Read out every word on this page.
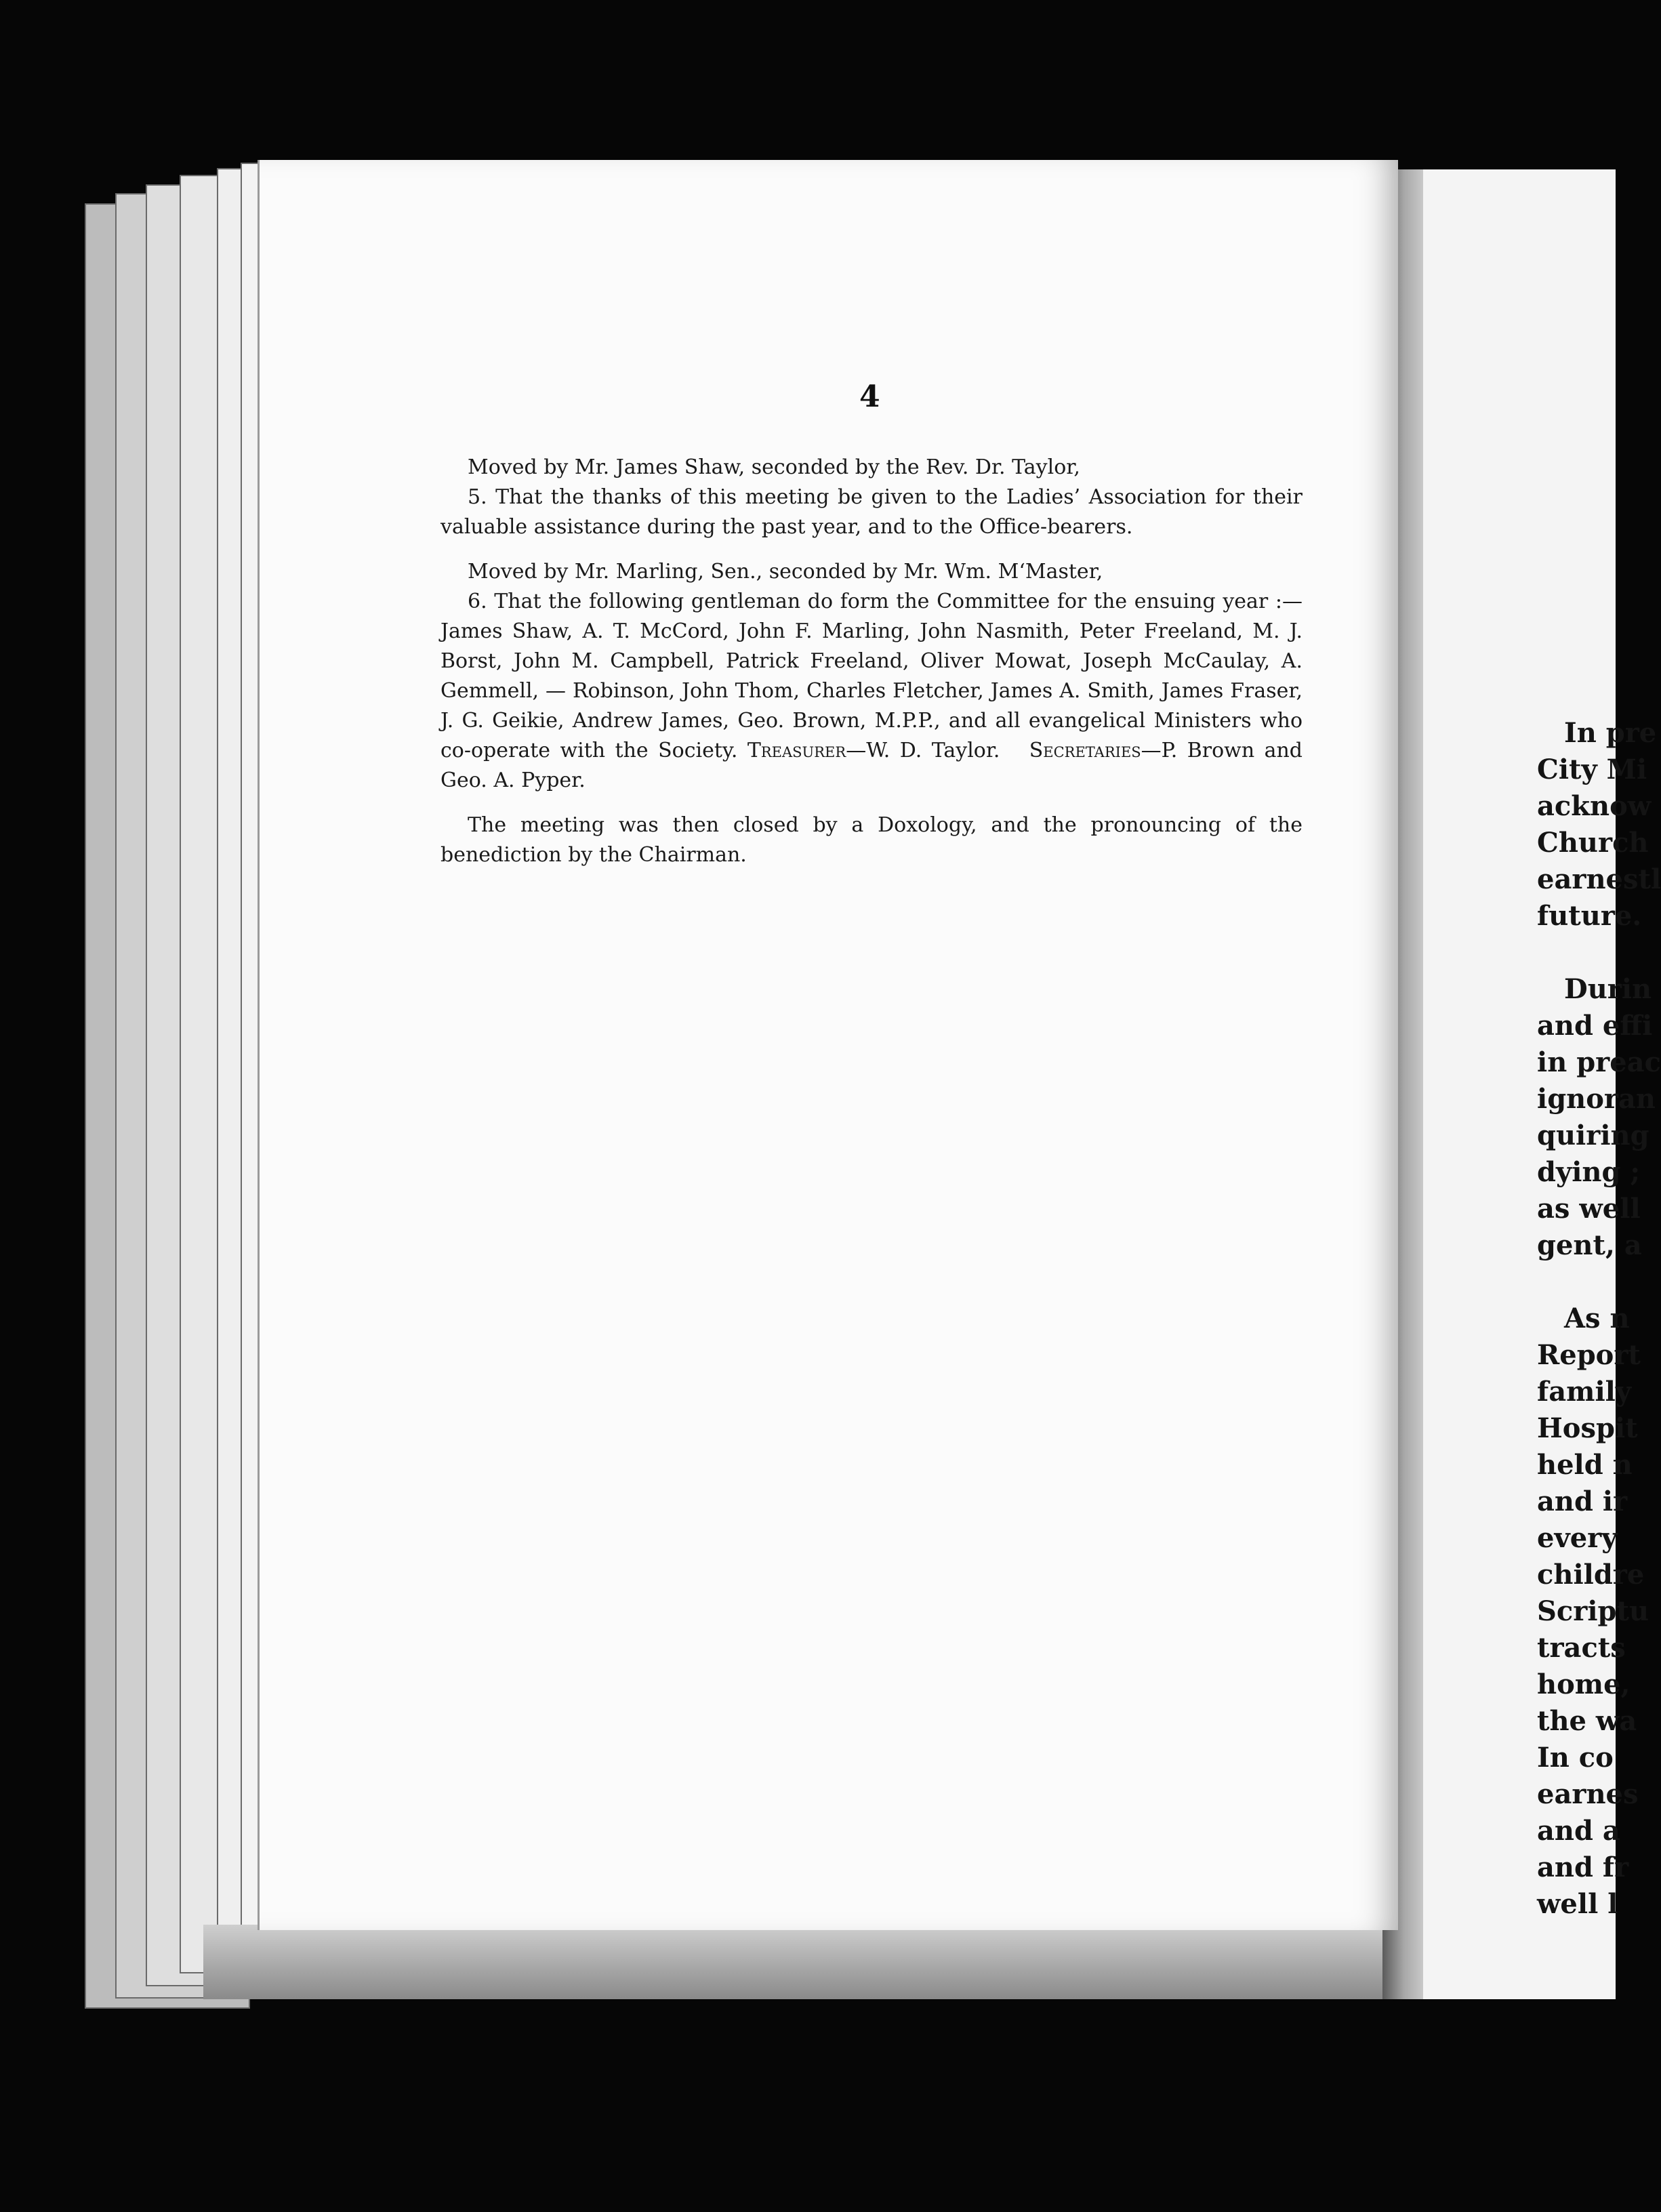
4

Moved by Mr. James Shaw, seconded by the Rev. Dr. Taylor,

5. That the thanks of this meeting be given to the Ladies’ Association for their valuable assistance during the past year, and to the Office-bearers.

Moved by Mr. Marling, Sen., seconded by Mr. Wm. M‘Master,

6. That the following gentleman do form the Committee for the ensuing year :—James Shaw, A. T. McCord, John F. Marling, John Nasmith, Peter Freeland, M. J. Borst, John M. Campbell, Patrick Freeland, Oliver Mowat, Joseph McCaulay, A. Gemmell, — Robinson, John Thom, Charles Fletcher, James A. Smith, James Fraser, J. G. Geikie, Andrew James, Geo. Brown, M.P.P., and all evangelical Ministers who co-operate with the Society. Treasurer—W. D. Taylor. Secretaries—P. Brown and Geo. A. Pyper.

The meeting was then closed by a Doxology, and the pronouncing of the benediction by the Chairman.

In pre
City Mi
acknow
Church
earnestl
future.
Durin
and effi
in preac
ignoran
quiring
dying ;
as well
gent, a
As n
Report
family
Hospit
held n
and ir
every
childre
Scriptu
tracts
home,
the wa
In co
earnes
and a
and fr
well l
